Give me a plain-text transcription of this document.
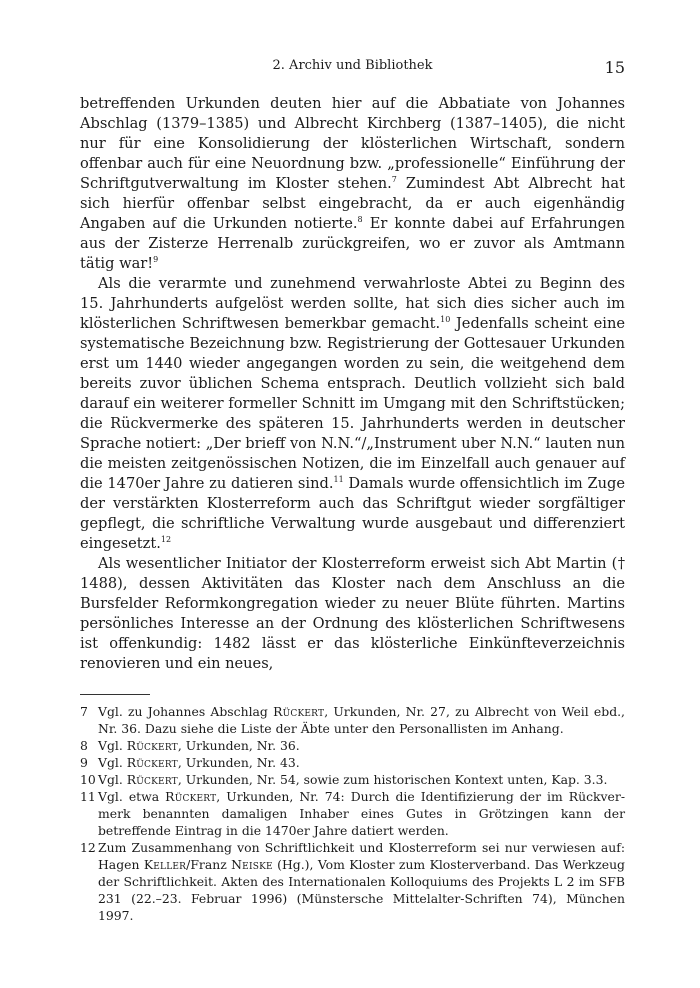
2. Archiv und Bibliothek	15

betreffenden Urkunden deuten hier auf die Abbatiate von Johannes Abschlag (1379–1385) und Albrecht Kirchberg (1387–1405), die nicht nur für eine Konsolidierung der klösterlichen Wirtschaft, sondern offenbar auch für eine Neuordnung bzw. „professionelle“ Einführung der Schriftgutverwaltung im Kloster stehen.$^7$ Zumindest Abt Albrecht hat sich hierfür offenbar selbst eingebracht, da er auch eigenhändig Angaben auf die Urkunden notierte.$^8$ Er konnte dabei auf Erfahrungen aus der Zisterze Herrenalb zurückgreifen, wo er zuvor als Amtmann tätig war!$^9$

Als die verarmte und zunehmend verwahrloste Abtei zu Beginn des 15. Jahrhunderts aufgelöst werden sollte, hat sich dies sicher auch im klösterlichen Schriftwesen bemerkbar gemacht.$^{10}$ Jedenfalls scheint eine systematische Bezeichnung bzw. Registrierung der Gottesauer Urkunden erst um 1440 wieder angegangen worden zu sein, die weitgehend dem bereits zuvor üblichen Schema entsprach. Deutlich vollzieht sich bald darauf ein weiterer formeller Schnitt im Umgang mit den Schriftstücken; die Rückvermerke des späteren 15. Jahrhunderts werden in deutscher Sprache notiert: „Der brieff von N.N.“/„Instrument uber N.N.“ lauten nun die meisten zeitgenössischen Notizen, die im Einzelfall auch genauer auf die 1470er Jahre zu datieren sind.$^{11}$ Damals wurde offensichtlich im Zuge der verstärkten Klosterreform auch das Schriftgut wieder sorgfältiger gepflegt, die schriftliche Verwaltung wurde ausgebaut und differenziert eingesetzt.$^{12}$

Als wesentlicher Initiator der Klosterreform erweist sich Abt Martin († 1488), dessen Aktivitäten das Kloster nach dem Anschluss an die Bursfelder Reformkongregation wieder zu neuer Blüte führten. Martins persönliches Interesse an der Ordnung des klösterlichen Schriftwesens ist offenkundig: 1482 lässt er das klösterliche Einkünfteverzeichnis renovieren und ein neues,

7 Vgl. zu Johannes Abschlag Rückert, Urkunden, Nr. 27, zu Albrecht von Weil ebd., Nr. 36. Dazu siehe die Liste der Äbte unter den Personallisten im Anhang.
8 Vgl. Rückert, Urkunden, Nr. 36.
9 Vgl. Rückert, Urkunden, Nr. 43.
10 Vgl. Rückert, Urkunden, Nr. 54, sowie zum historischen Kontext unten, Kap. 3.3.
11 Vgl. etwa Rückert, Urkunden, Nr. 74: Durch die Identifizierung der im Rückvermerk benannten damaligen Inhaber eines Gutes in Grötzingen kann der betreffende Eintrag in die 1470er Jahre datiert werden.
12 Zum Zusammenhang von Schriftlichkeit und Klosterreform sei nur verwiesen auf: Hagen Keller/Franz Neiske (Hg.), Vom Kloster zum Klosterverband. Das Werkzeug der Schriftlichkeit. Akten des Internationalen Kolloquiums des Projekts L 2 im SFB 231 (22.–23. Februar 1996) (Münstersche Mittelalter-Schriften 74), München 1997.
